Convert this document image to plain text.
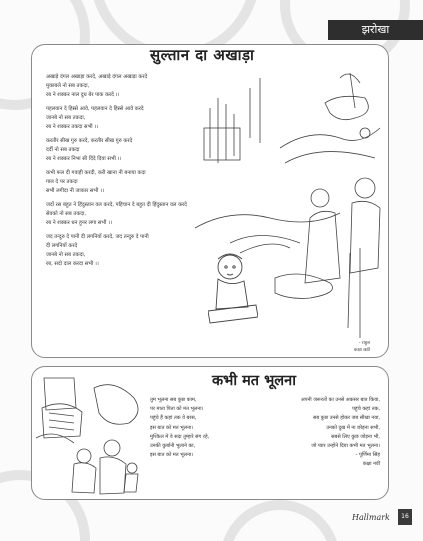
झरोखा
सुल्तान दा अखाड़ा
अखाड़े दंगल अखाड़ा करदे, अखाड़े दंगल अखाड़ा करदे
मुकाबले नो सब तकदा,
रब ने शक्कर नाल दुध बेर पाक करदे ।।
पहलवान दे हिस्से आवे, पहलवान दे हिस्से आवे करदे
जानबे नो सब तकदा,
रब ने शक्कर तकदा सभी ।।
करतीर सीख गुरु करदे, करतीर सीख गुरु करदे
दर्दी नो सब तकदा
रब ने शक्कर निभा सी दिंदे दिया सभी ।।
कभी फल दी गवाही करदी, करी खाना नी बनाया कदा
गाल दे पर तकदा
सभी लगीदा नी जाकार सभी ।।
जदों रस बहुत ने हिंदुस्तान वल करदे, पहिचान दे बहुत दी हिंदुस्तान वल करदे
सेवको नो सब तकदा,
रब ने शक्कर धन हुनर लगा सभी ।।
जद तन्दुरु दे पानी दी लगनियों करदे, जद तन्दुरु दे पानी
दी लगनियों करदे
जानबे नो सब तकदा,
रब, सदो दाल करदा सभी ।।
- राहुल
कक्षा छठी
कभी मत भूलना
तुम भूलना सब कुछ काम,
पर माता पिता को मत भूलना।
पहुंचे हैं कहां तक वे बरस,
इस बात को मत भूलना।
मुश्किल में वे सदा तुम्हारे संग रहे,
उनकी कुर्बानी भुलाने का,
इस बात को मत भूलना।
अपनी जरूरतों का उनसे अकसर बात किया,
पहुंचे कहां तक,
सब कुछ उनसे होकर जब सीखा नया,
उनको दुख में ना छोड़ना सभी,
सबसे लिए कुछ जोड़ना भी,
जो प्यार उन्होंने दिया कभी मत भूलना।
- पूर्णिमा सिंह
कक्षा नवीं
Hallmark	16
